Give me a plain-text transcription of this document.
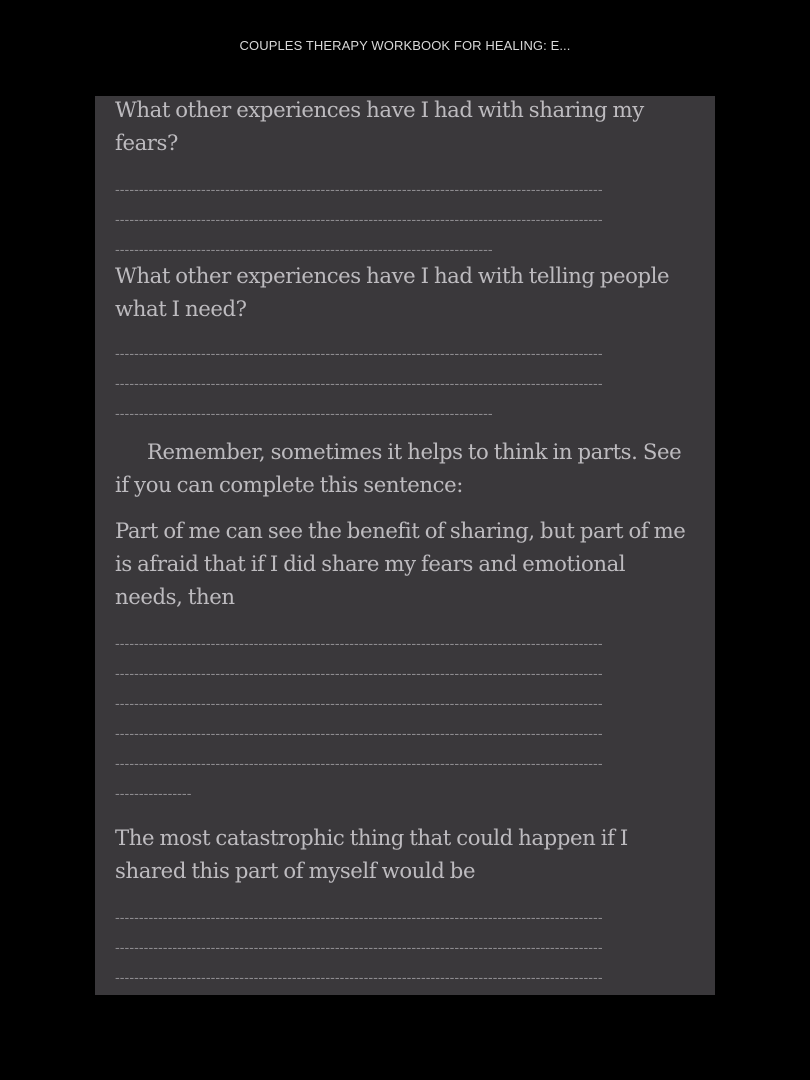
COUPLES THERAPY WORKBOOK FOR HEALING: E...

What other experiences have I had with sharing my fears?

------------------------------------------------------------------------------------------------------
------------------------------------------------------------------------------------------------------
-------------------------------------------------------------------------------

What other experiences have I had with telling people what I need?

------------------------------------------------------------------------------------------------------
------------------------------------------------------------------------------------------------------
-------------------------------------------------------------------------------

Remember, sometimes it helps to think in parts. See if you can complete this sentence:

Part of me can see the benefit of sharing, but part of me is afraid that if I did share my fears and emotional needs, then

------------------------------------------------------------------------------------------------------
------------------------------------------------------------------------------------------------------
------------------------------------------------------------------------------------------------------
------------------------------------------------------------------------------------------------------
------------------------------------------------------------------------------------------------------
----------------

The most catastrophic thing that could happen if I shared this part of myself would be

------------------------------------------------------------------------------------------------------
------------------------------------------------------------------------------------------------------
------------------------------------------------------------------------------------------------------
